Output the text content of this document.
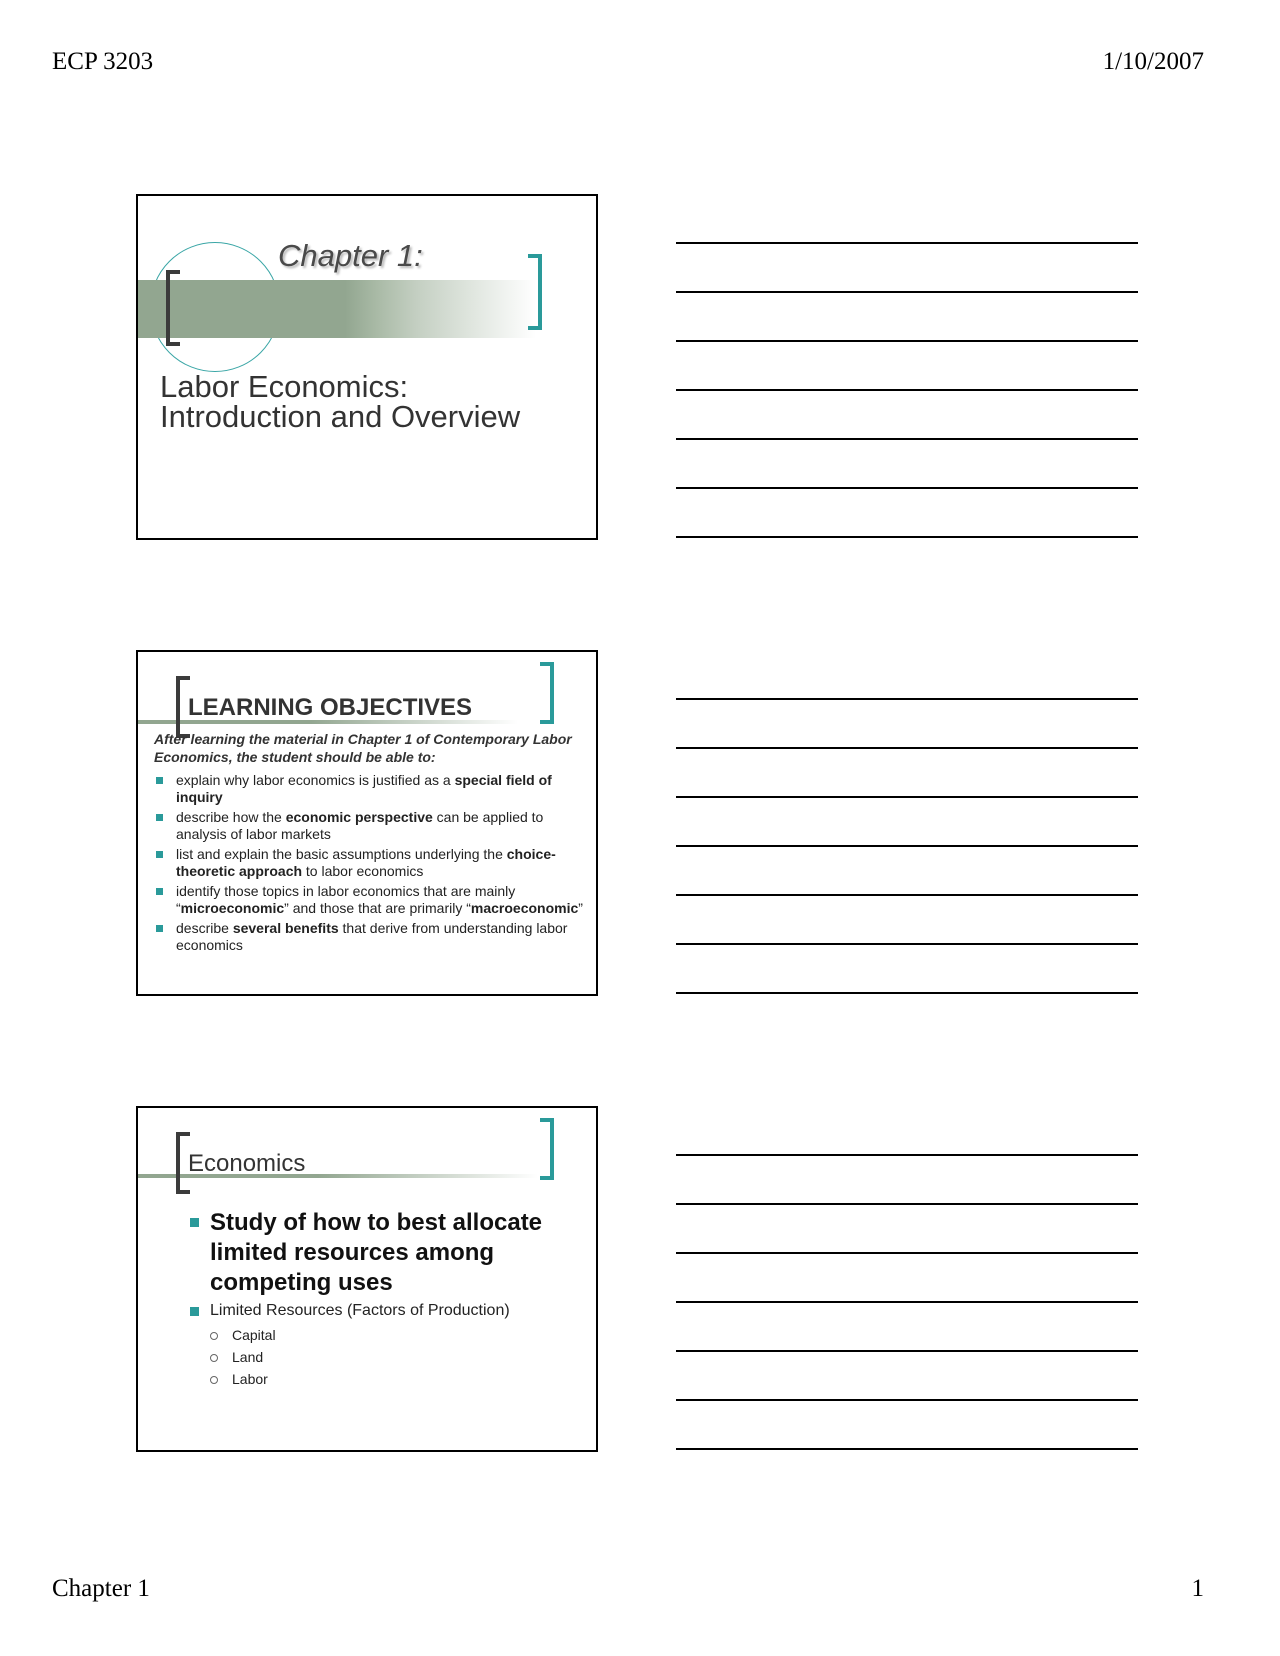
ECP 3203	1/10/2007
Chapter 1:
Labor Economics:
Introduction and Overview
LEARNING OBJECTIVES
After learning the material in Chapter 1 of Contemporary Labor Economics, the student should be able to:
explain why labor economics is justified as a special field of inquiry
describe how the economic perspective can be applied to analysis of labor markets
list and explain the basic assumptions underlying the choice-theoretic approach to labor economics
identify those topics in labor economics that are mainly “microeconomic” and those that are primarily “macroeconomic”
describe several benefits that derive from understanding labor economics
Economics
Study of how to best allocate limited resources among competing uses
Limited Resources (Factors of Production)
Capital
Land
Labor
Chapter 1	1
